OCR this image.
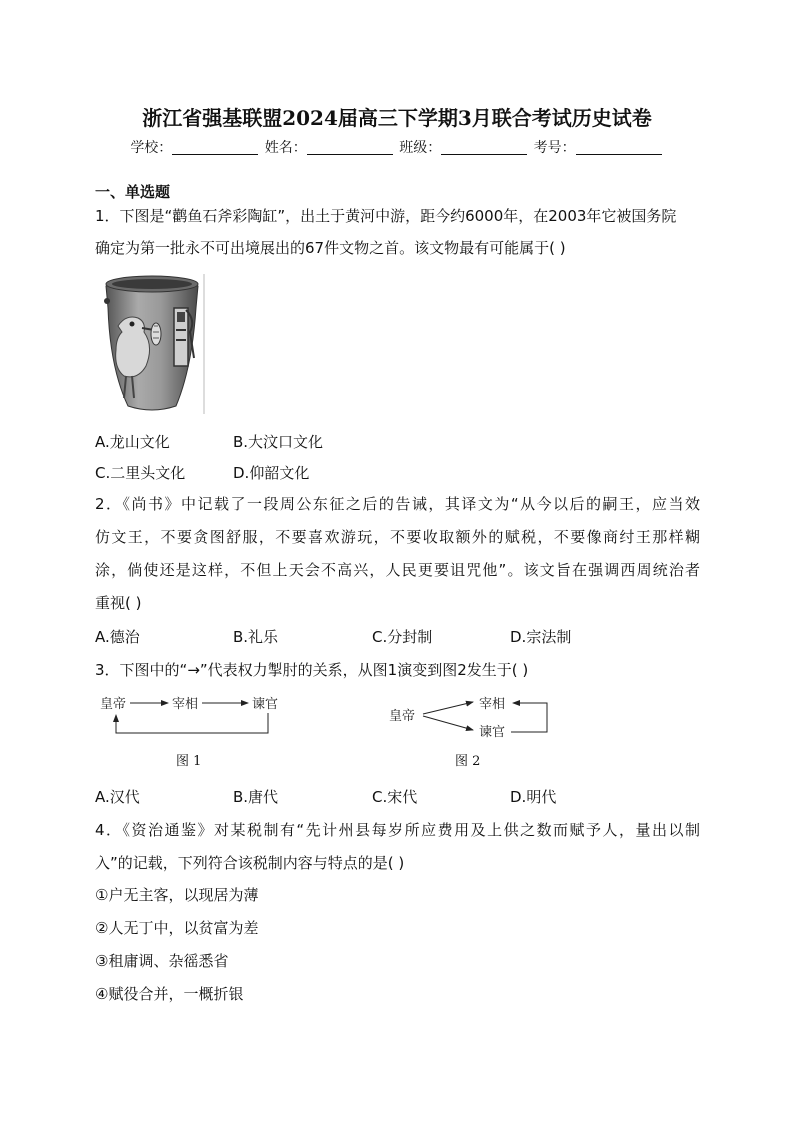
浙江省强基联盟2024届高三下学期3月联合考试历史试卷
学校：	姓名：	班级：	考号：
一、单选题
1．下图是“鹳鱼石斧彩陶缸”，出土于黄河中游，距今约6000年，在2003年它被国务院
确定为第一批永不可出境展出的67件文物之首。该文物最有可能属于( )
A.龙山文化	B.大汶口文化
C.二里头文化	D.仰韶文化
2．《尚书》中记载了一段周公东征之后的告诫，其译文为“从今以后的嗣王，应当效
仿文王，不要贪图舒服，不要喜欢游玩，不要收取额外的赋税，不要像商纣王那样糊
涂，倘使还是这样，不但上天会不高兴，人民更要诅咒他”。该文旨在强调西周统治者
重视( )
A.德治	B.礼乐	C.分封制	D.宗法制
3．下图中的“→”代表权力掣肘的关系，从图1演变到图2发生于( )
皇帝	宰相	谏官
图 1
皇帝
宰相
谏官
图 2
A.汉代	B.唐代	C.宋代	D.明代
4．《资治通鉴》对某税制有“先计州县每岁所应费用及上供之数而赋予人，量出以制
入”的记载，下列符合该税制内容与特点的是( )
①户无主客，以现居为薄
②人无丁中，以贫富为差
③租庸调、杂徭悉省
④赋役合并，一概折银
